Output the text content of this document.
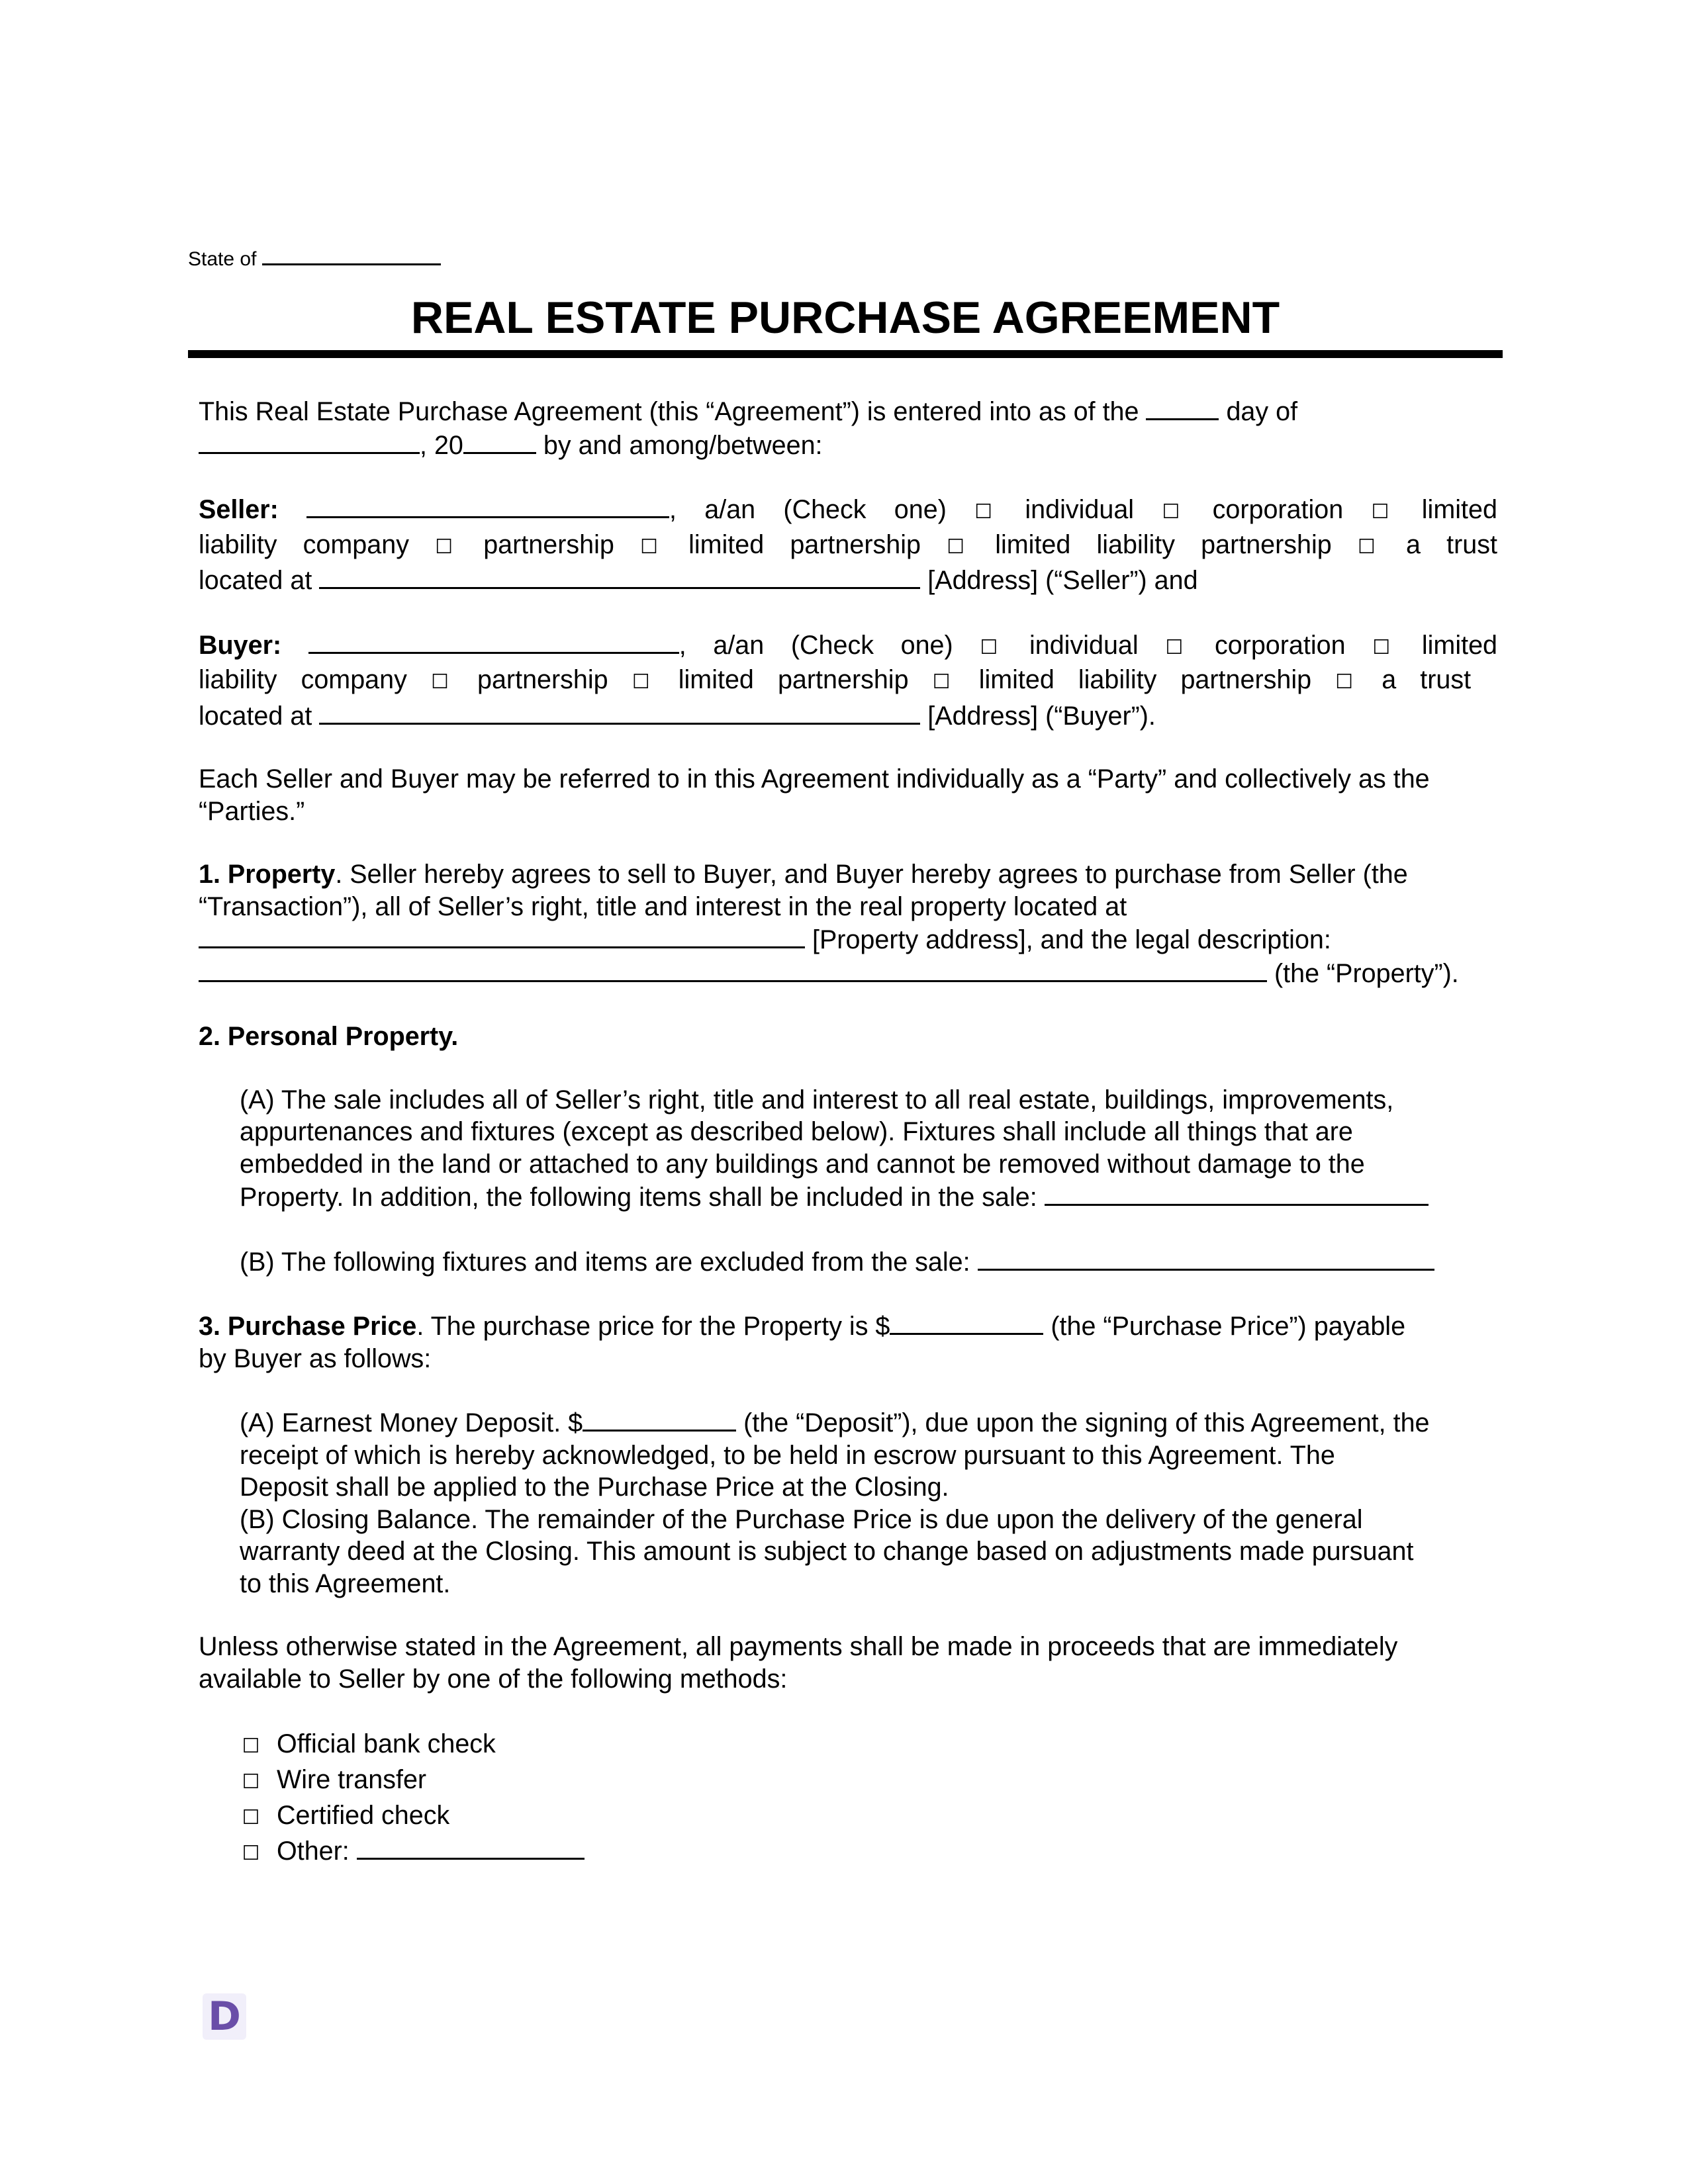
State of
REAL ESTATE PURCHASE AGREEMENT

This Real Estate Purchase Agreement (this “Agreement”) is entered into as of the	day of
, 20	by and among/between:

Seller:	, a/an (Check one) ☐ individual ☐ corporation ☐ limited

liability company ☐ partnership ☐ limited partnership ☐ limited liability partnership ☐ a trust

located at	[Address] (“Seller”) and

Buyer:	, a/an (Check one) ☐ individual ☐ corporation ☐ limited

liability company ☐ partnership ☐ limited partnership ☐ limited liability partnership ☐ a trust

located at	[Address] (“Buyer”).

Each Seller and Buyer may be referred to in this Agreement individually as a “Party” and collectively as the “Parties.”

1. Property. Seller hereby agrees to sell to Buyer, and Buyer hereby agrees to purchase from Seller (the

“Transaction”), all of Seller’s right, title and interest in the real property located at

[Property address], and the legal description:

(the “Property”).

2. Personal Property.

(A) The sale includes all of Seller’s right, title and interest to all real estate, buildings, improvements,

appurtenances and fixtures (except as described below). Fixtures shall include all things that are

embedded in the land or attached to any buildings and cannot be removed without damage to the

Property. In addition, the following items shall be included in the sale:

(B) The following fixtures and items are excluded from the sale:

3. Purchase Price. The purchase price for the Property is $	(the “Purchase Price”) payable

by Buyer as follows:

(A) Earnest Money Deposit. $	(the “Deposit”), due upon the signing of this Agreement, the

receipt of which is hereby acknowledged, to be held in escrow pursuant to this Agreement. The

Deposit shall be applied to the Purchase Price at the Closing.

(B) Closing Balance. The remainder of the Purchase Price is due upon the delivery of the general

warranty deed at the Closing. This amount is subject to change based on adjustments made pursuant

to this Agreement.

Unless otherwise stated in the Agreement, all payments shall be made in proceeds that are immediately

available to Seller by one of the following methods:

☐ Official bank check
☐ Wire transfer
☐ Certified check
☐ Other:
D
